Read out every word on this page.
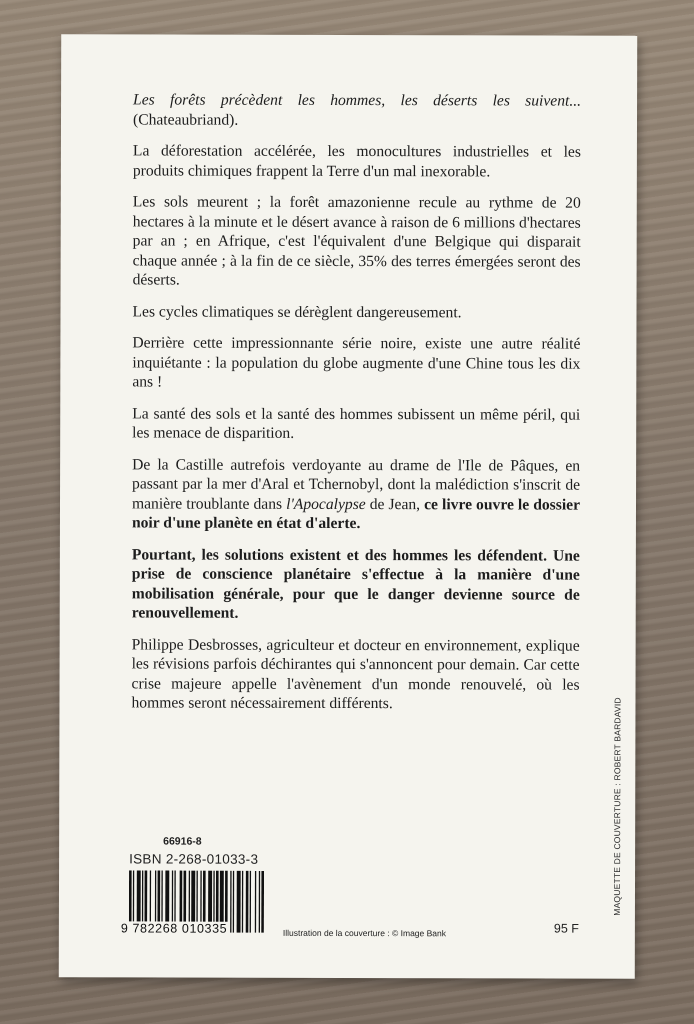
Les forêts précèdent les hommes, les déserts les suivent... (Chateaubriand).

La déforestation accélérée, les monocultures industrielles et les produits chimiques frappent la Terre d'un mal inexorable.

Les sols meurent ; la forêt amazonienne recule au rythme de 20 hectares à la minute et le désert avance à raison de 6 millions d'hectares par an ; en Afrique, c'est l'équivalent d'une Belgique qui disparait chaque année ; à la fin de ce siècle, 35% des terres émergées seront des déserts.

Les cycles climatiques se dérèglent dangereusement.

Derrière cette impressionnante série noire, existe une autre réalité inquiétante : la population du globe augmente d'une Chine tous les dix ans !

La santé des sols et la santé des hommes subissent un même péril, qui les menace de disparition.

De la Castille autrefois verdoyante au drame de l'Ile de Pâques, en passant par la mer d'Aral et Tchernobyl, dont la malédiction s'inscrit de manière troublante dans l'Apocalypse de Jean, ce livre ouvre le dossier noir d'une planète en état d'alerte.

Pourtant, les solutions existent et des hommes les défendent. Une prise de conscience planétaire s'effectue à la manière d'une mobilisation générale, pour que le danger devienne source de renouvellement.

Philippe Desbrosses, agriculteur et docteur en environnement, explique les révisions parfois déchirantes qui s'annoncent pour demain. Car cette crise majeure appelle l'avènement d'un monde renouvelé, où les hommes seront nécessairement différents.	MAQUETTE DE COUVERTURE : ROBERT BARDAVID
66916-8
ISBN 2-268-01033-3
9 782268 010335	Illustration de la couverture : © Image Bank	95 F
